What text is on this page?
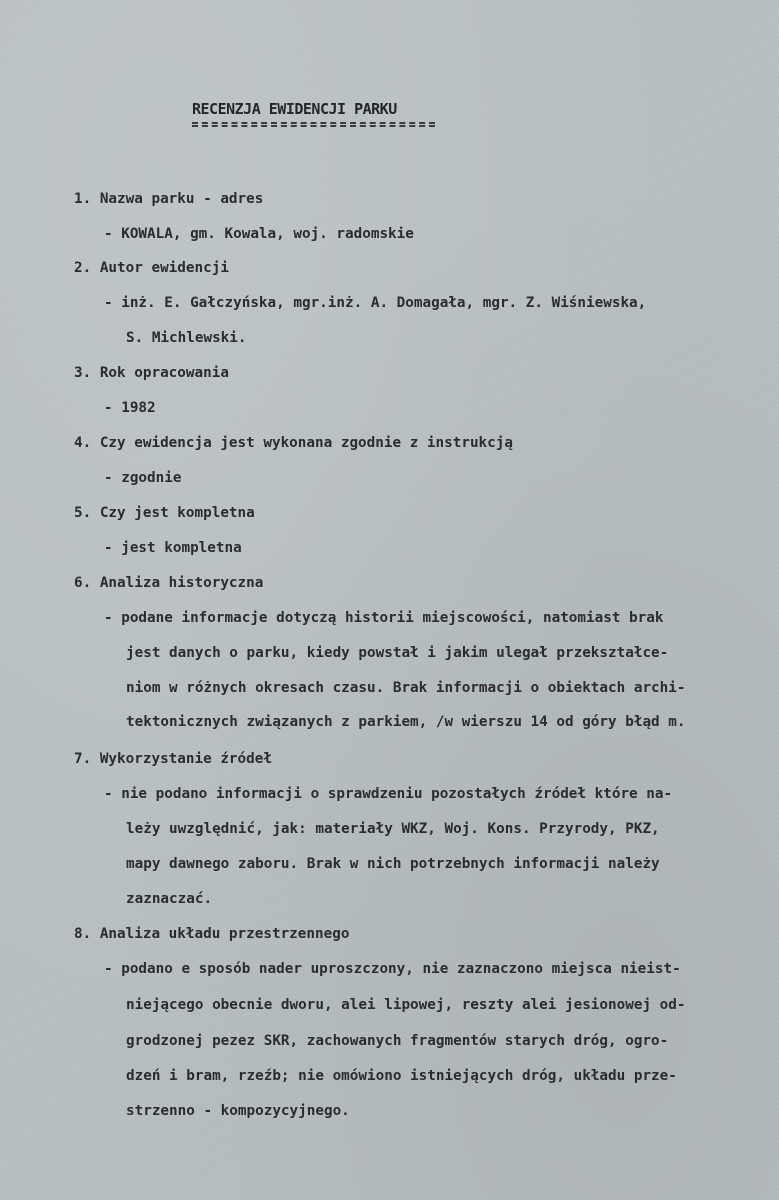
RECENZJA EWIDENCJI PARKU

1. Nazwa parku - adres

- KOWALA, gm. Kowala, woj. radomskie

2. Autor ewidencji

- inż. E. Gałczyńska, mgr.inż. A. Domagała, mgr. Z. Wiśniewska,

S. Michlewski.

3. Rok opracowania

- 1982

4. Czy ewidencja jest wykonana zgodnie z instrukcją

- zgodnie

5. Czy jest kompletna

- jest kompletna

6. Analiza historyczna

- podane informacje dotyczą historii miejscowości, natomiast brak

jest danych o parku, kiedy powstał i jakim ulegał przekształce-

niom w różnych okresach czasu. Brak informacji o obiektach archi-

tektonicznych związanych z parkiem, /w wierszu 14 od góry błąd m.

7. Wykorzystanie źródeł

- nie podano informacji o sprawdzeniu pozostałych źródeł które na-

leży uwzględnić, jak: materiały WKZ, Woj. Kons. Przyrody, PKZ,

mapy dawnego zaboru. Brak w nich potrzebnych informacji należy

zaznaczać.

8. Analiza układu przestrzennego

- podano e sposób nader uproszczony, nie zaznaczono miejsca nieist-

niejącego obecnie dworu, alei lipowej, reszty alei jesionowej od-

grodzonej pezez SKR, zachowanych fragmentów starych dróg, ogro-

dzeń i bram, rzeźb; nie omówiono istniejących dróg, układu prze-

strzenno - kompozycyjnego.
